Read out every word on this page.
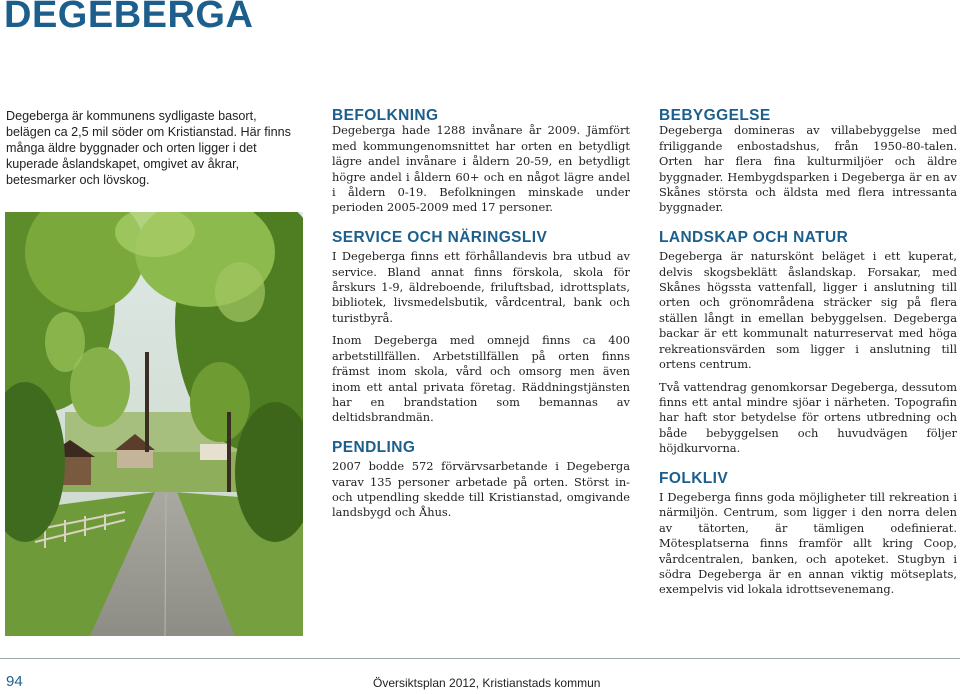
DEGEBERGA
Degeberga är kommunens sydligaste basort, belägen ca 2,5 mil söder om Kristianstad. Här finns många äldre byggnader och orten ligger i det kuperade åslandskapet, omgivet av åkrar, betesmarker och lövskog.
BEFOLKNING

Degeberga hade 1288 invånare år 2009. Jämfört med kommungenomsnittet har orten en betydligt lägre andel invånare i åldern 20-59, en betydligt högre andel i åldern 60+ och en något lägre andel i åldern 0-19. Befolkningen minskade under perioden 2005-2009 med 17 personer.

SERVICE OCH NÄRINGSLIV

I Degeberga finns ett förhållandevis bra utbud av service. Bland annat finns förskola, skola för årskurs 1-9, äldreboende, friluftsbad, idrottsplats, bibliotek, livsmedelsbutik, vårdcentral, bank och turistbyrå.

Inom Degeberga med omnejd finns ca 400 arbetstillfällen. Arbetstillfällen på orten finns främst inom skola, vård och omsorg men även inom ett antal privata företag. Räddningstjänsten har en brandstation som bemannas av deltidsbrandmän.

PENDLING

2007 bodde 572 förvärvsarbetande i Degeberga varav 135 personer arbetade på orten. Störst in- och utpendling skedde till Kristianstad, omgivande landsbygd och Åhus.

BEBYGGELSE

Degeberga domineras av villabebyggelse med friliggande enbostadshus, från 1950-80-talen. Orten har flera fina kulturmiljöer och äldre byggnader. Hembygdsparken i Degeberga är en av Skånes största och äldsta med flera intressanta byggnader.

LANDSKAP OCH NATUR

Degeberga är naturskönt beläget i ett kuperat, delvis skogsbeklätt åslandskap. Forsakar, med Skånes högssta vattenfall, ligger i anslutning till orten och grönområdena sträcker sig på flera ställen långt in emellan bebyggelsen. Degeberga backar är ett kommunalt naturreservat med höga rekreationsvärden som ligger i anslutning till ortens centrum.

Två vattendrag genomkorsar Degeberga, dessutom finns ett antal mindre sjöar i närheten. Topografin har haft stor betydelse för ortens utbredning och både bebyggelsen och huvudvägen följer höjdkurvorna.

FOLKLIV

I Degeberga finns goda möjligheter till rekreation i närmiljön. Centrum, som ligger i den norra delen av tätorten, är tämligen odefinierat. Mötesplatserna finns framför allt kring Coop, vårdcentralen, banken, och apoteket. Stugbyn i södra Degeberga är en annan viktig mötseplats, exempelvis vid lokala idrottsevenemang.

94	Översiktsplan 2012, Kristianstads kommun
